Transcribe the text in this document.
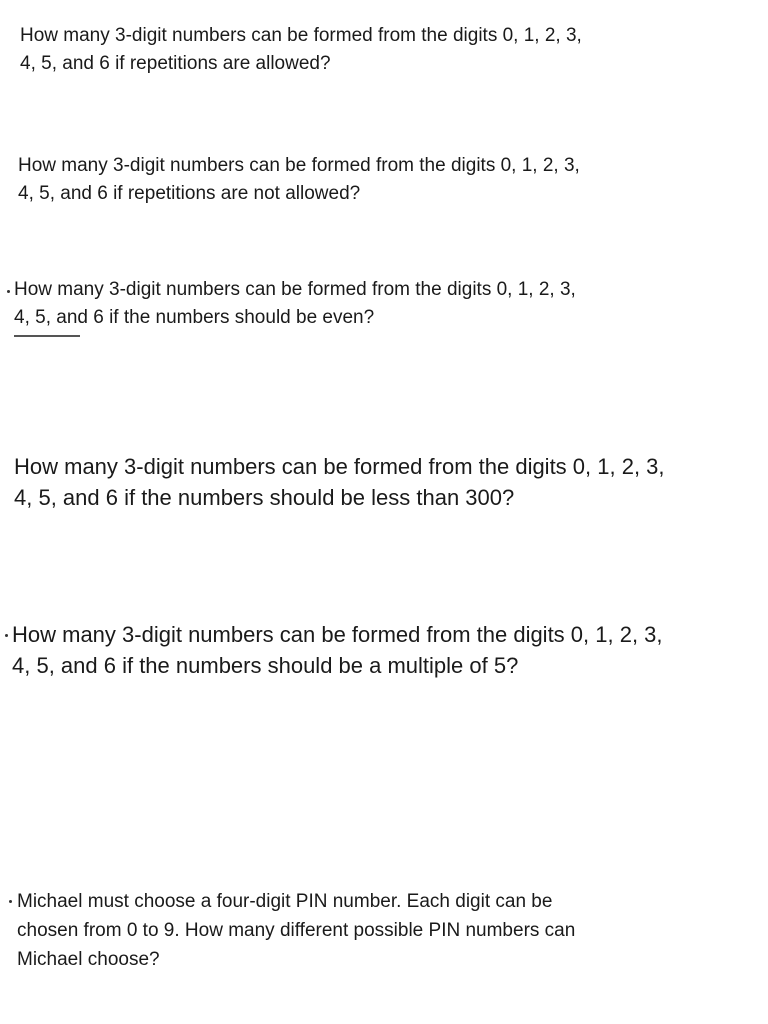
How many 3-digit numbers can be formed from the digits 0, 1, 2, 3,
4, 5, and 6 if repetitions are allowed?

How many 3-digit numbers can be formed from the digits 0, 1, 2, 3,
4, 5, and 6 if repetitions are not allowed?

How many 3-digit numbers can be formed from the digits 0, 1, 2, 3,
4, 5, and 6 if the numbers should be even?

How many 3-digit numbers can be formed from the digits 0, 1, 2, 3,
4, 5, and 6 if the numbers should be less than 300?

How many 3-digit numbers can be formed from the digits 0, 1, 2, 3,
4, 5, and 6 if the numbers should be a multiple of 5?

Michael must choose a four-digit PIN number. Each digit can be
chosen from 0 to 9. How many different possible PIN numbers can
Michael choose?
